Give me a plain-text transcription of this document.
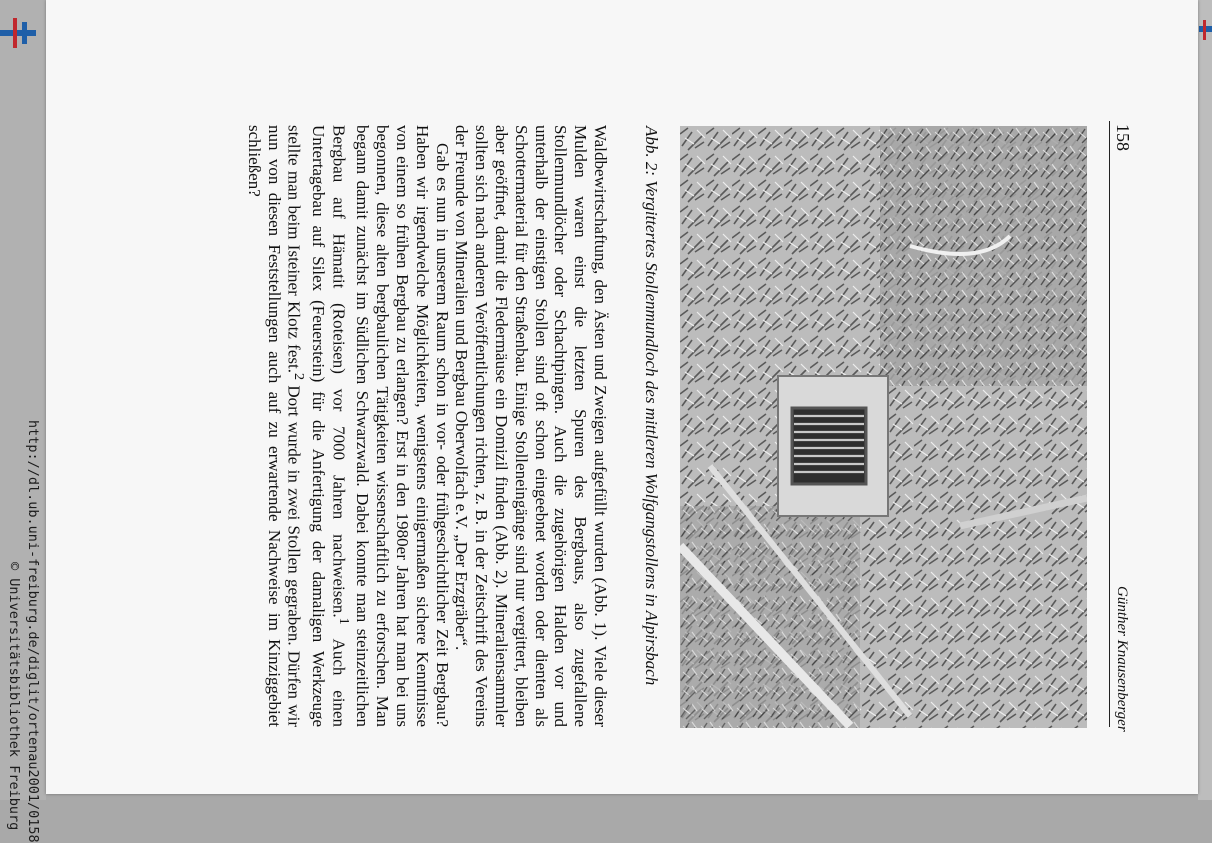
http://dl.ub.uni-freiburg.de/diglit/ortenau2001/0158
© Universitätsbibliothek Freiburg
158
Günther Knausenberger
Abb. 2: Vergittertes Stollenmundloch des mittleren Wolfgangstollens in Alpirsbach

Waldbewirtschaftung, den Ästen und Zweigen aufgefüllt wurden (Abb. 1). Viele dieser Mulden waren einst die letzten Spuren des Bergbaus, also zugefallene Stollenmundlöcher oder Schachtpingen. Auch die zugehörigen Halden vor und unterhalb der einstigen Stollen sind oft schon eingeebnet worden oder dienten als Schottermaterial für den Straßenbau. Einige Stolleneingänge sind nur vergittert, bleiben aber geöffnet, damit die Fledermäuse ein Domizil finden (Abb. 2). Mineraliensammler sollten sich nach anderen Veröffentlichungen richten, z. B. in der Zeitschrift des Vereins der Freunde von Mineralien und Bergbau Oberwolfach e.V. „Der Erzgräber“.

Gab es nun in unserem Raum schon in vor- oder frühgeschichtlicher Zeit Bergbau? Haben wir irgendwelche Möglichkeiten, wenigstens einigermaßen sichere Kenntnisse von einem so frühen Bergbau zu erlangen? Erst in den 1980er Jahren hat man bei uns begonnen, diese alten bergbaulichen Tätigkeiten wissenschaftlich zu erforschen. Man begann damit zunächst im Südlichen Schwarzwald. Dabei konnte man steinzeitlichen Bergbau auf Hämatit (Roteisen) vor 7000 Jahren nachweisen.$^1$ Auch einen Untertagebau auf Silex (Feuerstein) für die Anfertigung der damaligen Werkzeuge stellte man beim Isteiner Klotz fest.$^2$ Dort wurde in zwei Stollen gegraben. Dürfen wir nun von diesen Feststellungen auch auf zu erwartende Nachweise im Kinziggebiet schließen?
